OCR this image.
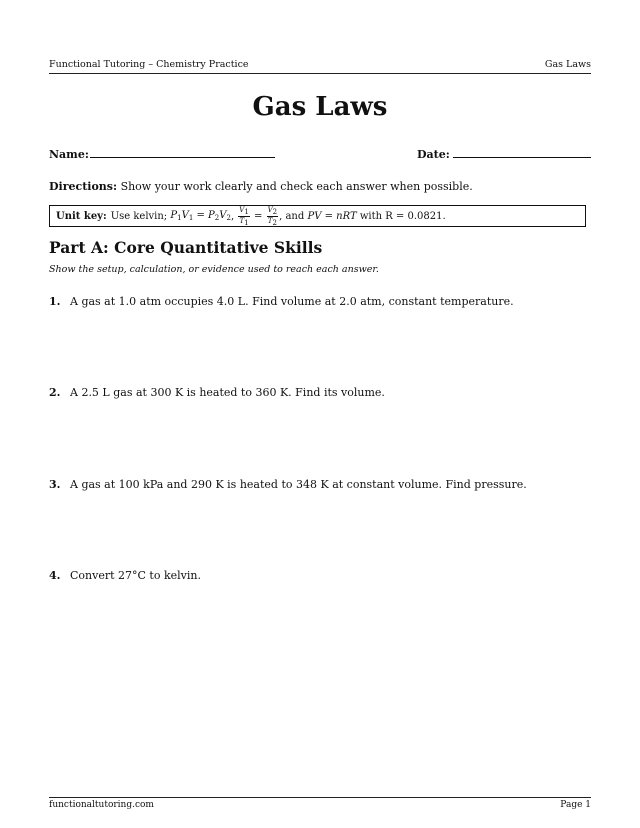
Functional Tutoring – Chemistry Practice	Gas Laws
Gas Laws
Name:	Date:
Directions: Show your work clearly and check each answer when possible.
Unit key: Use kelvin;
$P_1V_1 = P_2V_2$ , $\frac{V1}{T1} = \frac{V2}{T2}$ , and
PV = nRT
with
R = 0.0821.
Part A: Core Quantitative Skills
Show the setup, calculation, or evidence used to reach each answer.
1. A gas at 1.0 atm occupies 4.0 L. Find volume at 2.0 atm, constant temperature.
2. A 2.5 L gas at 300 K is heated to 360 K. Find its volume.
3. A gas at 100 kPa and 290 K is heated to 348 K at constant volume. Find pressure.
4. Convert 27°C to kelvin.
functionaltutoring.com	Page 1
